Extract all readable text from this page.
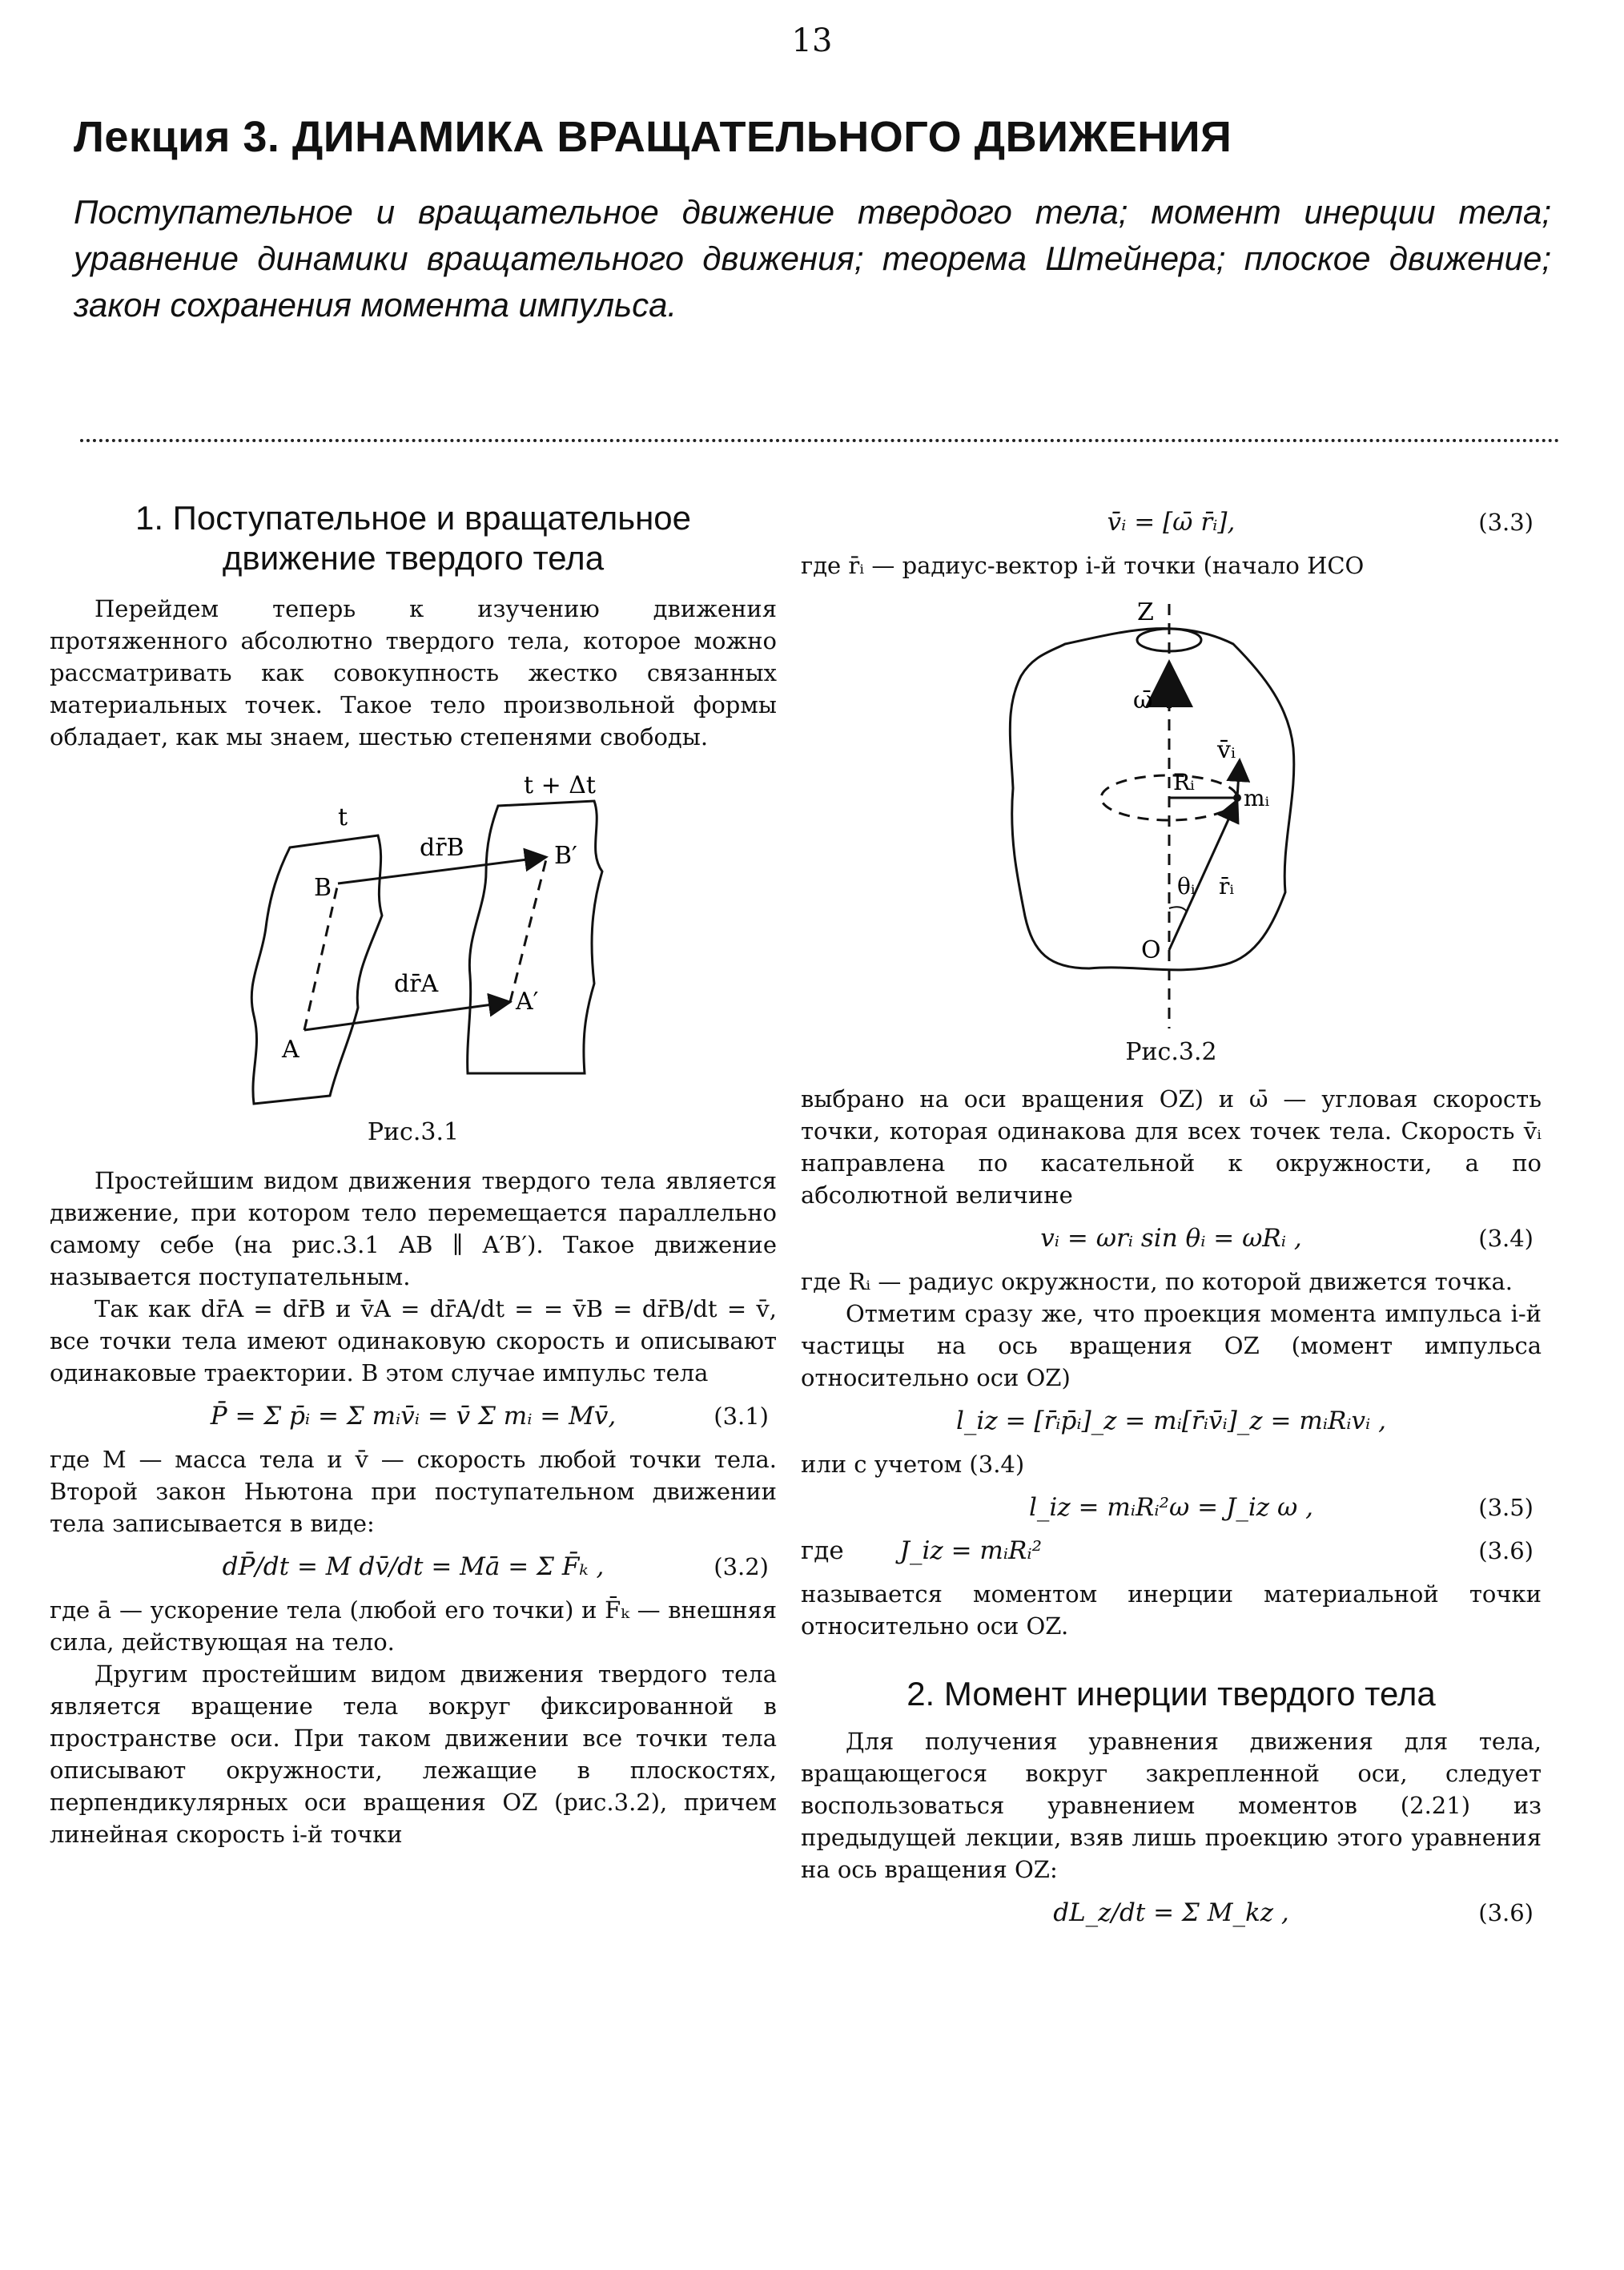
13
Лекция 3. ДИНАМИКА ВРАЩАТЕЛЬНОГО ДВИЖЕНИЯ
Поступательное и вращательное движение твердого тела; момент инерции тела; уравнение динамики вращательного движения; теорема Штейнера; плоское движение; закон сохранения момента импульса.
1. Поступательное и вращательное движение твердого тела

Перейдем теперь к изучению движения протяженного абсолютно твердого тела, которое можно рассматривать как совокупность жестко связанных материальных точек. Такое тело произвольной формы обладает, как мы знаем, шестью степенями свободы.

t
t + Δt
B
A
B′
A′
dr̄B
dr̄A
Рис.3.1

Простейшим видом движения твердого тела является движение, при котором тело перемещается параллельно самому себе (на рис.3.1 AB ∥ A′B′). Такое движение называется поступательным.

Так как dr̄A = dr̄B и v̄A = dr̄A/dt = = v̄B = dr̄B/dt = v̄, все точки тела имеют одинаковую скорость и описывают одинаковые траектории. В этом случае импульс тела

P̄ = Σ p̄ᵢ = Σ mᵢv̄ᵢ = v̄ Σ mᵢ = Mv̄,	(3.1)

где M — масса тела и v̄ — скорость любой точки тела. Второй закон Ньютона при поступательном движении тела записывается в виде:

dP̄/dt = M dv̄/dt = Mā = Σ F̄ₖ ,	(3.2)

где ā — ускорение тела (любой его точки) и F̄ₖ — внешняя сила, действующая на тело.

Другим простейшим видом движения твердого тела является вращение тела вокруг фиксированной в пространстве оси. При таком движении все точки тела описывают окружности, лежащие в плоскостях, перпендикулярных оси вращения OZ (рис.3.2), причем линейная скорость i-й точки

v̄ᵢ = [ω̄ r̄ᵢ],	(3.3)

где r̄ᵢ — радиус-вектор i-й точки (начало ИСО

Z
ω̄
v̄ᵢ
Rᵢ
mᵢ
θᵢ r̄ᵢ
O
Рис.3.2

выбрано на оси вращения OZ) и ω̄ — угловая скорость точки, которая одинакова для всех точек тела. Скорость v̄ᵢ направлена по касательной к окружности, а по абсолютной величине

vᵢ = ωrᵢ sin θᵢ = ωRᵢ ,	(3.4)

где Rᵢ — радиус окружности, по которой движется точка.

Отметим сразу же, что проекция момента импульса i-й частицы на ось вращения OZ (момент импульса относительно оси OZ)

l_iz = [r̄ᵢp̄ᵢ]_z = mᵢ[r̄ᵢv̄ᵢ]_z = mᵢRᵢvᵢ ,

или с учетом (3.4)

l_iz = mᵢRᵢ²ω = J_iz ω ,	(3.5)
где J_iz = mᵢRᵢ²	(3.6)

называется моментом инерции материальной точки относительно оси OZ.

2. Момент инерции твердого тела

Для получения уравнения движения для тела, вращающегося вокруг закрепленной оси, следует воспользоваться уравнением моментов (2.21) из предыдущей лекции, взяв лишь проекцию этого уравнения на ось вращения OZ:

dL_z/dt = Σ M_kz ,	(3.6)
